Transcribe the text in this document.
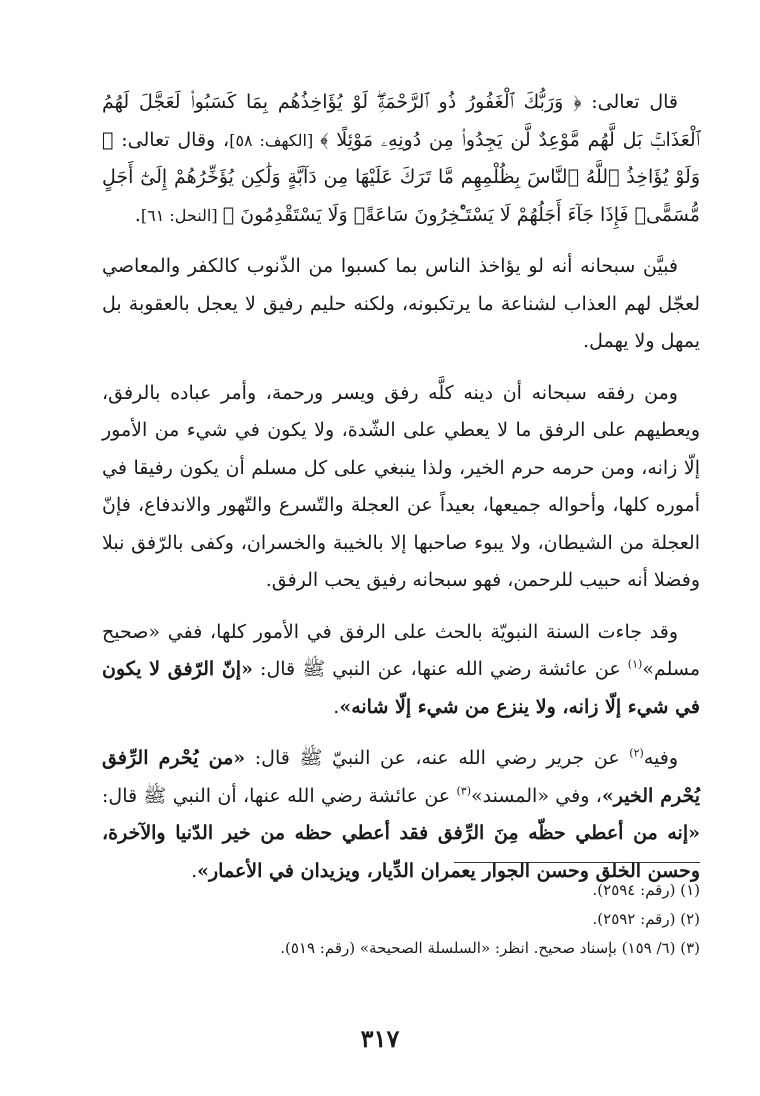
قال تعالى: ﴿ وَرَبُّكَ ٱلْغَفُورُ ذُو ٱلرَّحْمَةِۖ لَوْ يُؤَاخِذُهُم بِمَا كَسَبُوا۟ لَعَجَّلَ لَهُمُ ٱلْعَذَابَۚ بَل لَّهُم مَّوْعِدٌ لَّن يَجِدُوا۟ مِن دُونِهِۦ مَوْئِلًا ﴾ [الكهف: ٥٨]، وقال تعالى: ﴿ وَلَوْ يُؤَاخِذُ ٱللَّهُ ٱلنَّاسَ بِظُلْمِهِم مَّا تَرَكَ عَلَيْهَا مِن دَآبَّةٍ وَلَٰكِن يُؤَخِّرُهُمْ إِلَىٰٓ أَجَلٍ مُّسَمًّىۖ فَإِذَا جَآءَ أَجَلُهُمْ لَا يَسْتَـْٔخِرُونَ سَاعَةًۖ وَلَا يَسْتَقْدِمُونَ ﴾ [النحل: ٦١].

فبيَّن سبحانه أنه لو يؤاخذ الناس بما كسبوا من الذّنوب كالكفر والمعاصي لعجّل لهم العذاب لشناعة ما يرتكبونه، ولكنه حليم رفيق لا يعجل بالعقوبة بل يمهل ولا يهمل.

ومن رفقه سبحانه أن دينه كلَّه رفق ويسر ورحمة، وأمر عباده بالرفق، ويعطيهم على الرفق ما لا يعطي على الشّدة، ولا يكون في شيء من الأمور إلّا زانه، ومن حرمه حرم الخير، ولذا ينبغي على كل مسلم أن يكون رفيقا في أموره كلها، وأحواله جميعها، بعيداً عن العجلة والتّسرع والتّهور والاندفاع، فإنّ العجلة من الشيطان، ولا يبوء صاحبها إلا بالخيبة والخسران، وكفى بالرّفق نبلا وفضلا أنه حبيب للرحمن، فهو سبحانه رفيق يحب الرفق.

وقد جاءت السنة النبويّة بالحث على الرفق في الأمور كلها، ففي «صحيح مسلم»$^{(١)}$ عن عائشة رضي الله عنها، عن النبي ﷺ قال: «إنّ الرّفق لا يكون في شيء إلّا زانه، ولا ينزع من شيء إلّا شانه».

وفيه$^{(٢)}$ عن جرير رضي الله عنه، عن النبيّ ﷺ قال: «من يُحْرم الرِّفق يُحْرم الخير»، وفي «المسند»$^{(٣)}$ عن عائشة رضي الله عنها، أن النبي ﷺ قال: «إنه من أعطي حظّه مِنَ الرِّفق فقد أعطي حظه من خير الدّنيا والآخرة، وحسن الخلق وحسن الجوار يعمران الدِّيار، ويزيدان في الأعمار».

(١) (رقم: ٢٥٩٤).

(٢) (رقم: ٢٥٩٢).

(٣) (٦/ ١٥٩) بإسناد صحيح. انظر: «السلسلة الصحيحة» (رقم: ٥١٩).

٣١٧
